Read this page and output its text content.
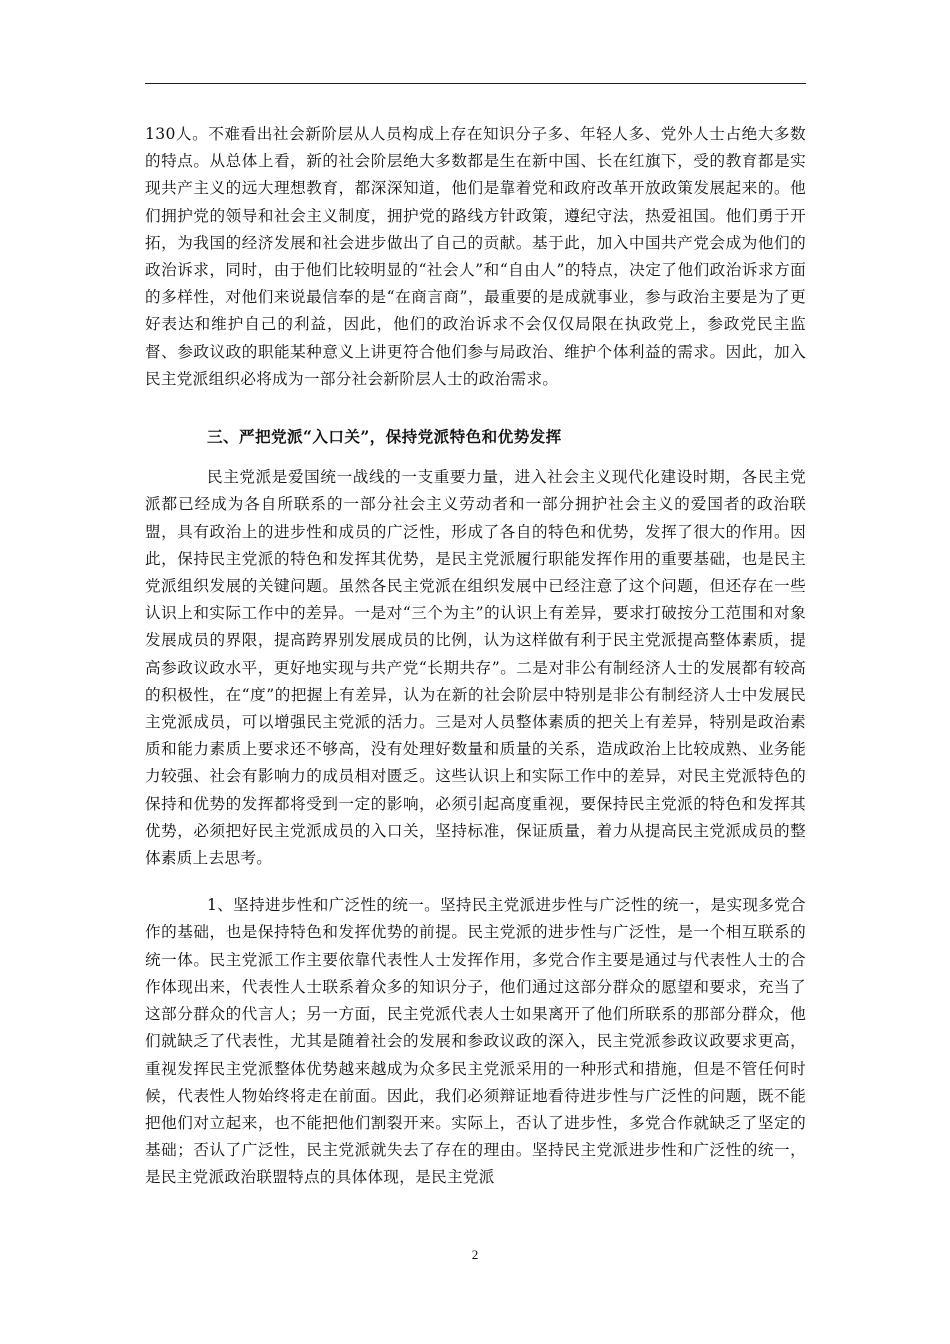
130人。不难看出社会新阶层从人员构成上存在知识分子多、年轻人多、党外人士占绝大多数的特点。从总体上看，新的社会阶层绝大多数都是生在新中国、长在红旗下，受的教育都是实现共产主义的远大理想教育，都深深知道，他们是靠着党和政府改革开放政策发展起来的。他们拥护党的领导和社会主义制度，拥护党的路线方针政策，遵纪守法，热爱祖国。他们勇于开拓，为我国的经济发展和社会进步做出了自己的贡献。基于此，加入中国共产党会成为他们的政治诉求，同时，由于他们比较明显的“社会人”和“自由人”的特点，决定了他们政治诉求方面的多样性，对他们来说最信奉的是“在商言商”，最重要的是成就事业，参与政治主要是为了更好表达和维护自己的利益，因此，他们的政治诉求不会仅仅局限在执政党上，参政党民主监督、参政议政的职能某种意义上讲更符合他们参与局政治、维护个体利益的需求。因此，加入民主党派组织必将成为一部分社会新阶层人士的政治需求。

三、严把党派“入口关”，保持党派特色和优势发挥

民主党派是爱国统一战线的一支重要力量，进入社会主义现代化建设时期，各民主党派都已经成为各自所联系的一部分社会主义劳动者和一部分拥护社会主义的爱国者的政治联盟，具有政治上的进步性和成员的广泛性，形成了各自的特色和优势，发挥了很大的作用。因此，保持民主党派的特色和发挥其优势，是民主党派履行职能发挥作用的重要基础，也是民主党派组织发展的关键问题。虽然各民主党派在组织发展中已经注意了这个问题，但还存在一些认识上和实际工作中的差异。一是对“三个为主”的认识上有差异，要求打破按分工范围和对象发展成员的界限，提高跨界别发展成员的比例，认为这样做有利于民主党派提高整体素质，提高参政议政水平，更好地实现与共产党“长期共存”。二是对非公有制经济人士的发展都有较高的积极性，在“度”的把握上有差异，认为在新的社会阶层中特别是非公有制经济人士中发展民主党派成员，可以增强民主党派的活力。三是对人员整体素质的把关上有差异，特别是政治素质和能力素质上要求还不够高，没有处理好数量和质量的关系，造成政治上比较成熟、业务能力较强、社会有影响力的成员相对匮乏。这些认识上和实际工作中的差异，对民主党派特色的保持和优势的发挥都将受到一定的影响，必须引起高度重视，要保持民主党派的特色和发挥其优势，必须把好民主党派成员的入口关，坚持标准，保证质量，着力从提高民主党派成员的整体素质上去思考。

1、坚持进步性和广泛性的统一。坚持民主党派进步性与广泛性的统一，是实现多党合作的基础，也是保持特色和发挥优势的前提。民主党派的进步性与广泛性，是一个相互联系的统一体。民主党派工作主要依靠代表性人士发挥作用，多党合作主要是通过与代表性人士的合作体现出来，代表性人士联系着众多的知识分子，他们通过这部分群众的愿望和要求，充当了这部分群众的代言人；另一方面，民主党派代表人士如果离开了他们所联系的那部分群众，他们就缺乏了代表性，尤其是随着社会的发展和参政议政的深入，民主党派参政议政要求更高，重视发挥民主党派整体优势越来越成为众多民主党派采用的一种形式和措施，但是不管任何时候，代表性人物始终将走在前面。因此，我们必须辩证地看待进步性与广泛性的问题，既不能把他们对立起来，也不能把他们割裂开来。实际上，否认了进步性，多党合作就缺乏了坚定的基础；否认了广泛性，民主党派就失去了存在的理由。坚持民主党派进步性和广泛性的统一，是民主党派政治联盟特点的具体体现，是民主党派

2
